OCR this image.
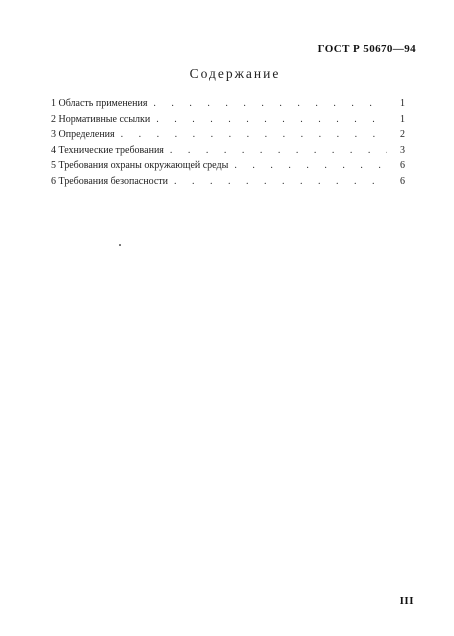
ГОСТ Р 50670—94
Содержание
1 Область применения . . .	1
2 Нормативные ссылки . . .	1
3 Определения . . .	2
4 Технические требования . . .	3
5 Требования охраны окружающей среды . . .	6
6 Требования безопасности . . .	6
III
